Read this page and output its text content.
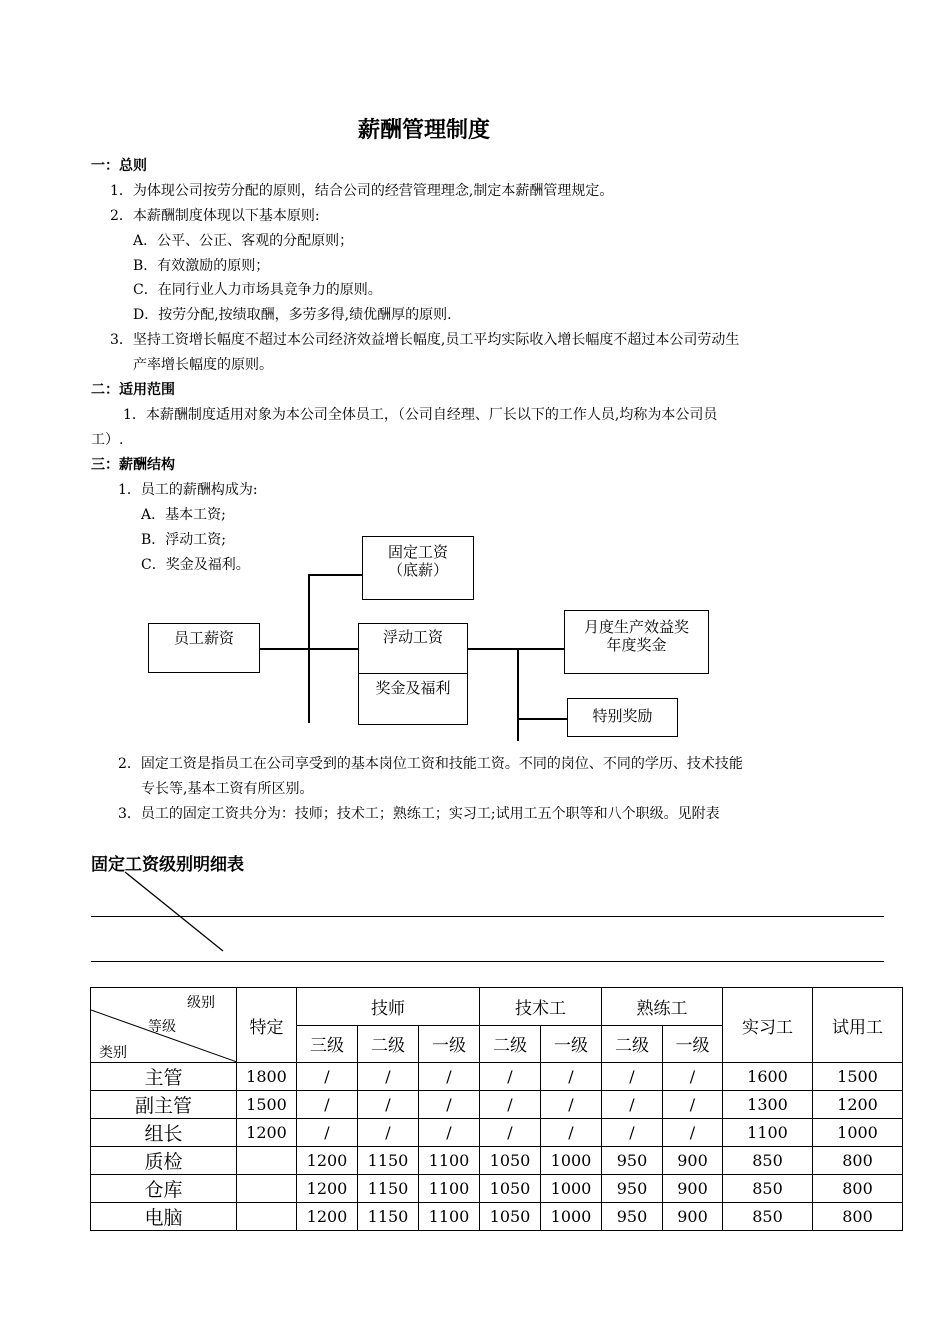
薪酬管理制度
一：总则
1．为体现公司按劳分配的原则，结合公司的经营管理理念,制定本薪酬管理规定。
2．本薪酬制度体现以下基本原则:
A．公平、公正、客观的分配原则；
B．有效激励的原则；
C．在同行业人力市场具竞争力的原则。
D．按劳分配,按绩取酬，多劳多得,绩优酬厚的原则.
3．坚持工资增长幅度不超过本公司经济效益增长幅度,员工平均实际收入增长幅度不超过本公司劳动生
产率增长幅度的原则。
二：适用范围
1．本薪酬制度适用对象为本公司全体员工，（公司自经理、厂长以下的工作人员,均称为本公司员
工）.
三：薪酬结构
1．员工的薪酬构成为:
A．基本工资;
B．浮动工资;
C．奖金及福利。
员工薪资
固定工资
（底薪）
浮动工资
奖金及福利
月度生产效益奖
年度奖金
特别奖励
2．固定工资是指员工在公司享受到的基本岗位工资和技能工资。不同的岗位、不同的学历、技术技能
专长等,基本工资有所区别。
3．员工的固定工资共分为：技师；技术工；熟练工；实习工;试用工五个职等和八个职级。见附表
固定工资级别明细表
级别
等级
类别	特定	技师			技术工		熟练工		实习工	试用工
		三级	二级	一级	二级	一级	二级	一级		
主管	1800	/	/	/	/	/	/	/	1600	1500
副主管	1500	/	/	/	/	/	/	/	1300	1200
组长	1200	/	/	/	/	/	/	/	1100	1000
质检		1200	1150	1100	1050	1000	950	900	850	800
仓库		1200	1150	1100	1050	1000	950	900	850	800
电脑		1200	1150	1100	1050	1000	950	900	850	800
